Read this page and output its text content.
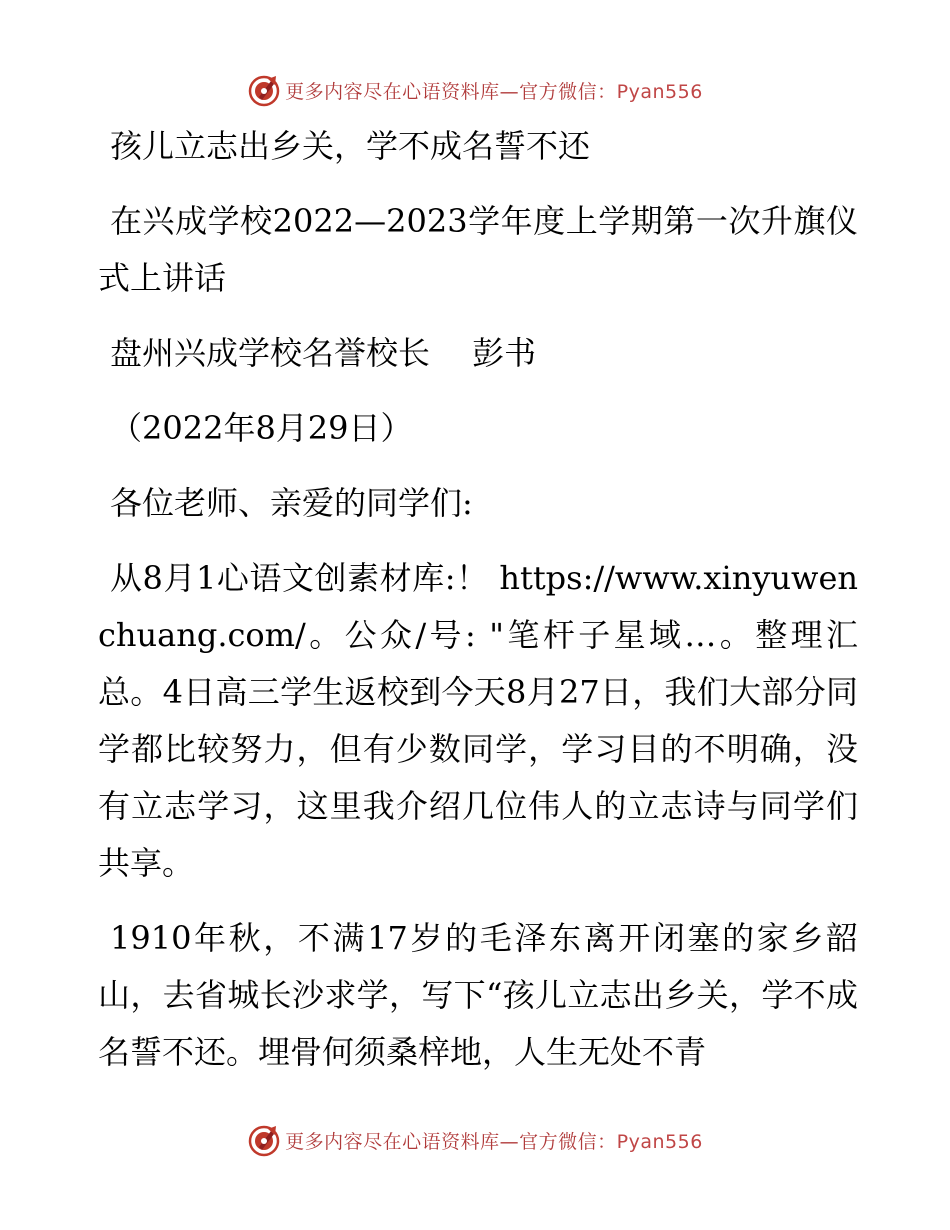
更多内容尽在心语资料库—官方微信：Pyan556

孩儿立志出乡关，学不成名誓不还

在兴成学校2022—2023学年度上学期第一次升旗仪式上讲话

盘州兴成学校名誉校长　 彭书

（2022年8月29日）

各位老师、亲爱的同学们:

从8月1心语文创素材库:！ https://www.xinyuwenchuang.com/。公众/号: "笔杆子星域…。整理汇总。4日高三学生返校到今天8月27日，我们大部分同学都比较努力，但有少数同学，学习目的不明确，没有立志学习，这里我介绍几位伟人的立志诗与同学们共享。

1910年秋，不满17岁的毛泽东离开闭塞的家乡韶山，去省城长沙求学，写下“孩儿立志出乡关，学不成名誓不还。埋骨何须桑梓地，人生无处不青

更多内容尽在心语资料库—官方微信：Pyan556
